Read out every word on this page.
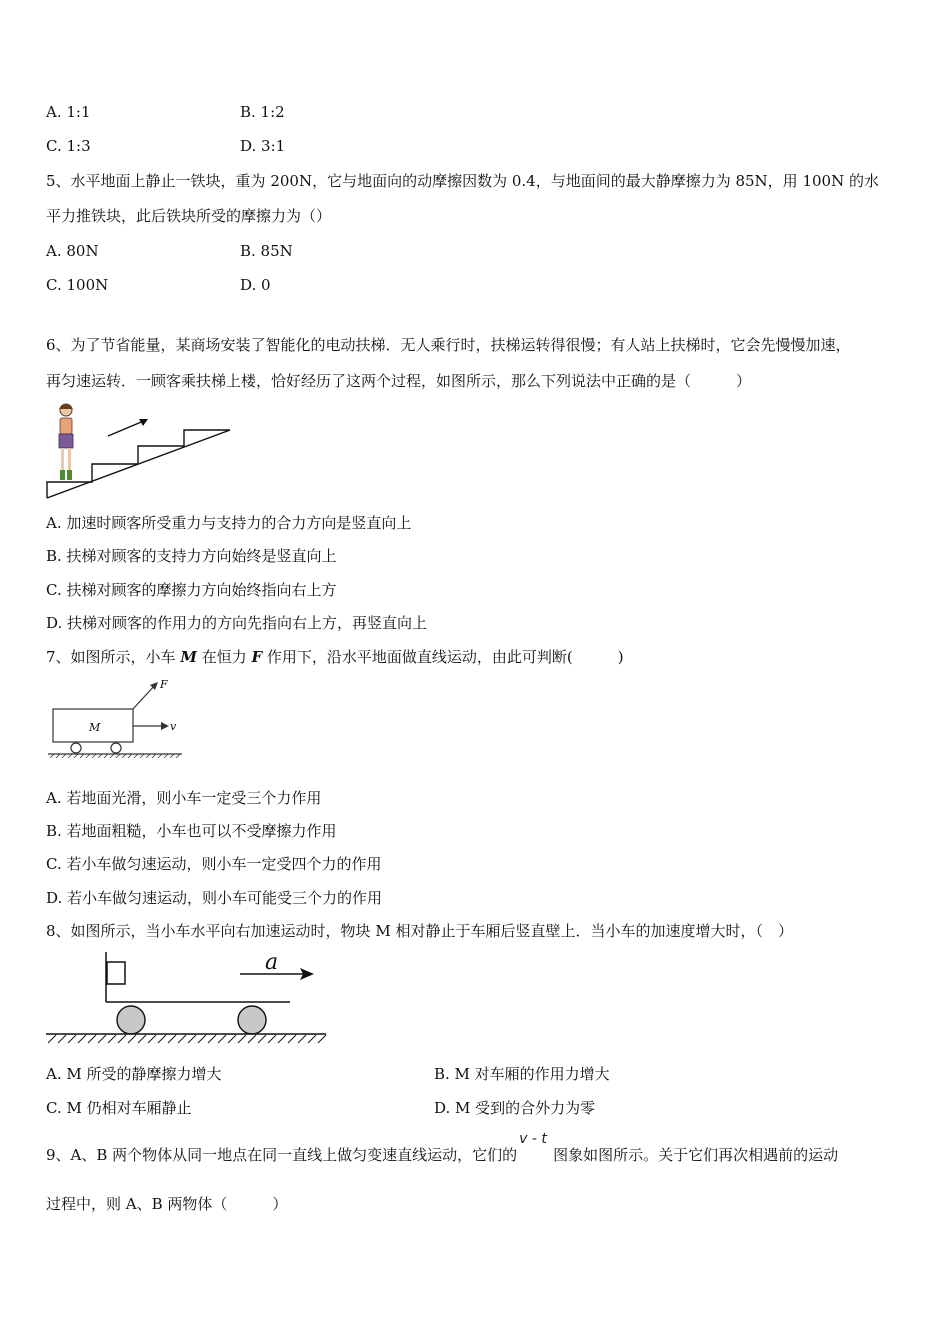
A. 1:1	B. 1:2
C. 1:3	D. 3:1
5、水平地面上静止一铁块，重为 200N，它与地面向的动摩擦因数为 0.4，与地面间的最大静摩擦力为 85N，用 100N 的水
平力推铁块，此后铁块所受的摩擦力为（）
A. 80N	B. 85N
C. 100N	D. 0
6、为了节省能量，某商场安装了智能化的电动扶梯．无人乘行时，扶梯运转得很慢；有人站上扶梯时，它会先慢慢加速，
再匀速运转．一顾客乘扶梯上楼，恰好经历了这两个过程，如图所示，那么下列说法中正确的是（　　　）
A. 加速时顾客所受重力与支持力的合力方向是竖直向上
B. 扶梯对顾客的支持力方向始终是竖直向上
C. 扶梯对顾客的摩擦力方向始终指向右上方
D. 扶梯对顾客的作用力的方向先指向右上方，再竖直向上
7、如图所示，小车 M 在恒力 F 作用下，沿水平地面做直线运动，由此可判断(　　　)
F
M	v
A. 若地面光滑，则小车一定受三个力作用
B. 若地面粗糙，小车也可以不受摩擦力作用
C. 若小车做匀速运动，则小车一定受四个力的作用
D. 若小车做匀速运动，则小车可能受三个力的作用
8、如图所示，当小车水平向右加速运动时，物块 M 相对静止于车厢后竖直壁上．当小车的加速度增大时，（　）
a
A. M 所受的静摩擦力增大	B. M 对车厢的作用力增大
C. M 仍相对车厢静止	D. M 受到的合外力为零
9、A、B 两个物体从同一地点在同一直线上做匀变速直线运动，它们的
v - t
图象如图所示。关于它们再次相遇前的运动
过程中，则 A、B 两物体（　　　）
